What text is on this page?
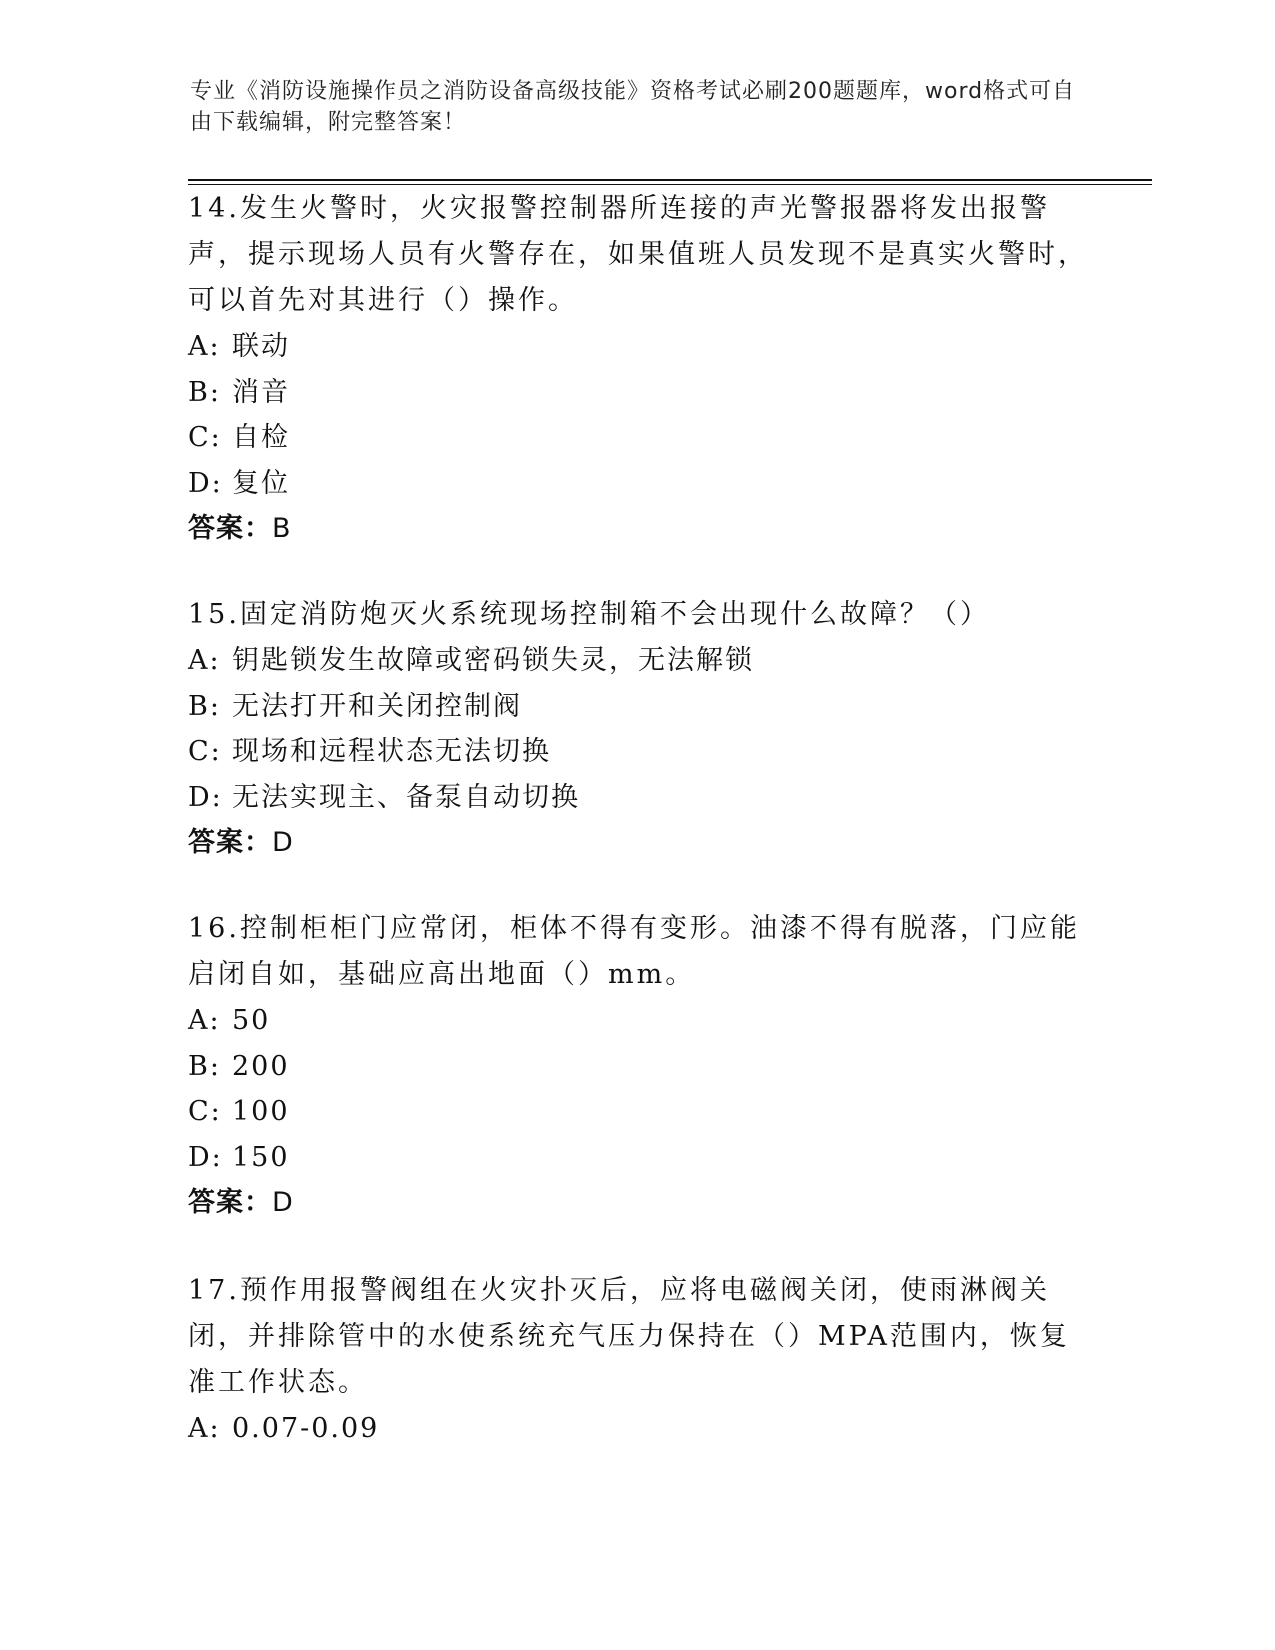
专业《消防设施操作员之消防设备高级技能》资格考试必刷200题题库，word格式可自由下载编辑，附完整答案！

14.发生火警时，火灾报警控制器所连接的声光警报器将发出报警声，提示现场人员有火警存在，如果值班人员发现不是真实火警时，可以首先对其进行（）操作。

A: 联动

B: 消音

C: 自检

D: 复位

答案：B

15.固定消防炮灭火系统现场控制箱不会出现什么故障？（）

A: 钥匙锁发生故障或密码锁失灵，无法解锁

B: 无法打开和关闭控制阀

C: 现场和远程状态无法切换

D: 无法实现主、备泵自动切换

答案：D

16.控制柜柜门应常闭，柜体不得有变形。油漆不得有脱落，门应能启闭自如，基础应高出地面（）mm。

A: 50

B: 200

C: 100

D: 150

答案：D

17.预作用报警阀组在火灾扑灭后，应将电磁阀关闭，使雨淋阀关闭，并排除管中的水使系统充气压力保持在（）MPA范围内，恢复准工作状态。

A: 0.07-0.09
